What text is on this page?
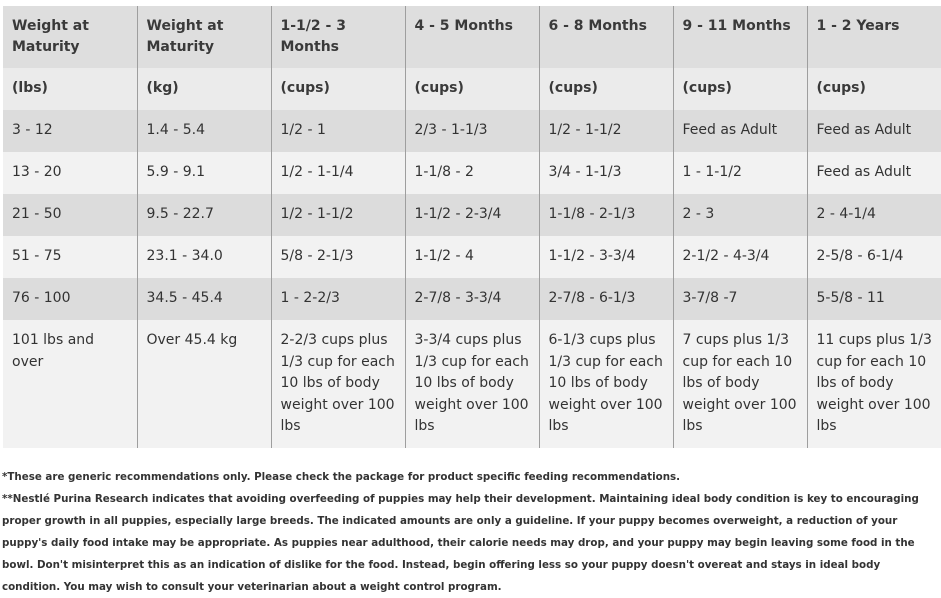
Weight at Maturity	Weight at Maturity	1-1/2 - 3 Months	4 - 5 Months	6 - 8 Months	9 - 11 Months	1 - 2 Years
(lbs)	(kg)	(cups)	(cups)	(cups)	(cups)	(cups)
3 - 12	1.4 - 5.4	1/2 - 1	2/3 - 1-1/3	1/2 - 1-1/2	Feed as Adult	Feed as Adult
13 - 20	5.9 - 9.1	1/2 - 1-1/4	1-1/8 - 2	3/4 - 1-1/3	1 - 1-1/2	Feed as Adult
21 - 50	9.5 - 22.7	1/2 - 1-1/2	1-1/2 - 2-3/4	1-1/8 - 2-1/3	2 - 3	2 - 4-1/4
51 - 75	23.1 - 34.0	5/8 - 2-1/3	1-1/2 - 4	1-1/2 - 3-3/4	2-1/2 - 4-3/4	2-5/8 - 6-1/4
76 - 100	34.5 - 45.4	1 - 2-2/3	2-7/8 - 3-3/4	2-7/8 - 6-1/3	3-7/8 -7	5-5/8 - 11
101 lbs and over	Over 45.4 kg	2-2/3 cups plus 1/3 cup for each 10 lbs of body weight over 100 lbs	3-3/4 cups plus 1/3 cup for each 10 lbs of body weight over 100 lbs	6-1/3 cups plus 1/3 cup for each 10 lbs of body weight over 100 lbs	7 cups plus 1/3 cup for each 10 lbs of body weight over 100 lbs	11 cups plus 1/3 cup for each 10 lbs of body weight over 100 lbs

*These are generic recommendations only. Please check the package for product specific feeding recommendations.

**Nestlé Purina Research indicates that avoiding overfeeding of puppies may help their development. Maintaining ideal body condition is key to encouraging proper growth in all puppies, especially large breeds. The indicated amounts are only a guideline. If your puppy becomes overweight, a reduction of your puppy's daily food intake may be appropriate. As puppies near adulthood, their calorie needs may drop, and your puppy may begin leaving some food in the bowl. Don't misinterpret this as an indication of dislike for the food. Instead, begin offering less so your puppy doesn't overeat and stays in ideal body condition. You may wish to consult your veterinarian about a weight control program.
